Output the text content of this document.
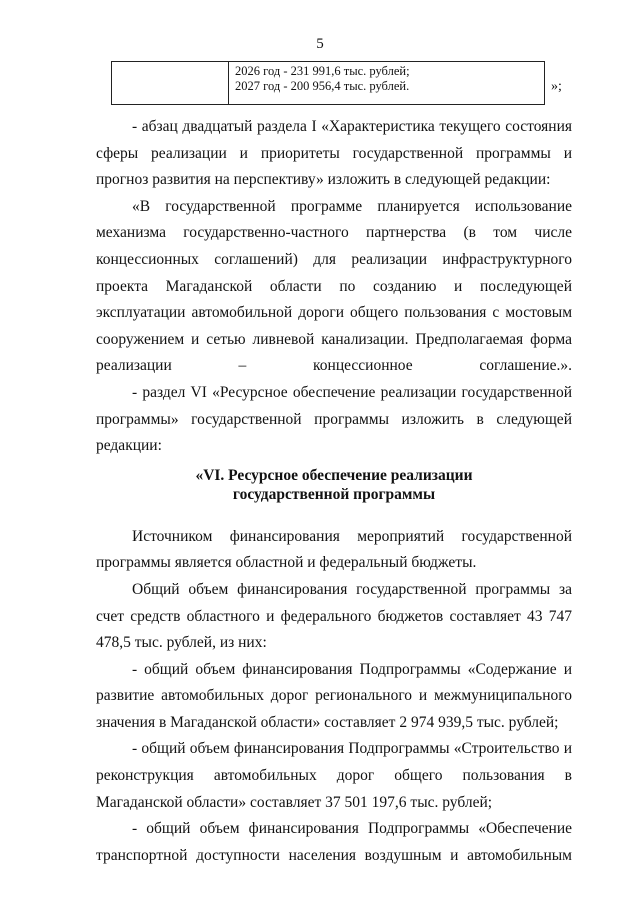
5

2026 год - 231 991,6 тыс. рублей;
2027 год - 200 956,4 тыс. рублей.	»;

- абзац двадцатый раздела I «Характеристика текущего состояния сферы реализации и приоритеты государственной программы и прогноз развития на перспективу» изложить в следующей редакции:

«В государственной программе планируется использование механизма государственно-частного партнерства (в том числе концессионных соглашений) для реализации инфраструктурного проекта Магаданской области по созданию и последующей эксплуатации автомобильной дороги общего пользования с мостовым сооружением и сетью ливневой канализации. Предполагаемая форма реализации – концессионное соглашение.».

- раздел VI «Ресурсное обеспечение реализации государственной программы» государственной программы изложить в следующей редакции:

«VI. Ресурсное обеспечение реализации
государственной программы

Источником финансирования мероприятий государственной программы является областной и федеральный бюджеты.

Общий объем финансирования государственной программы за счет средств областного и федерального бюджетов составляет 43 747 478,5 тыс. рублей, из них:

- общий объем финансирования Подпрограммы «Содержание и развитие автомобильных дорог регионального и межмуниципального значения в Магаданской области» составляет 2 974 939,5 тыс. рублей;

- общий объем финансирования Подпрограммы «Строительство и реконструкция автомобильных дорог общего пользования в Магаданской области» составляет 37 501 197,6 тыс. рублей;

- общий объем финансирования Подпрограммы «Обеспечение транспортной доступности населения воздушным и автомобильным
